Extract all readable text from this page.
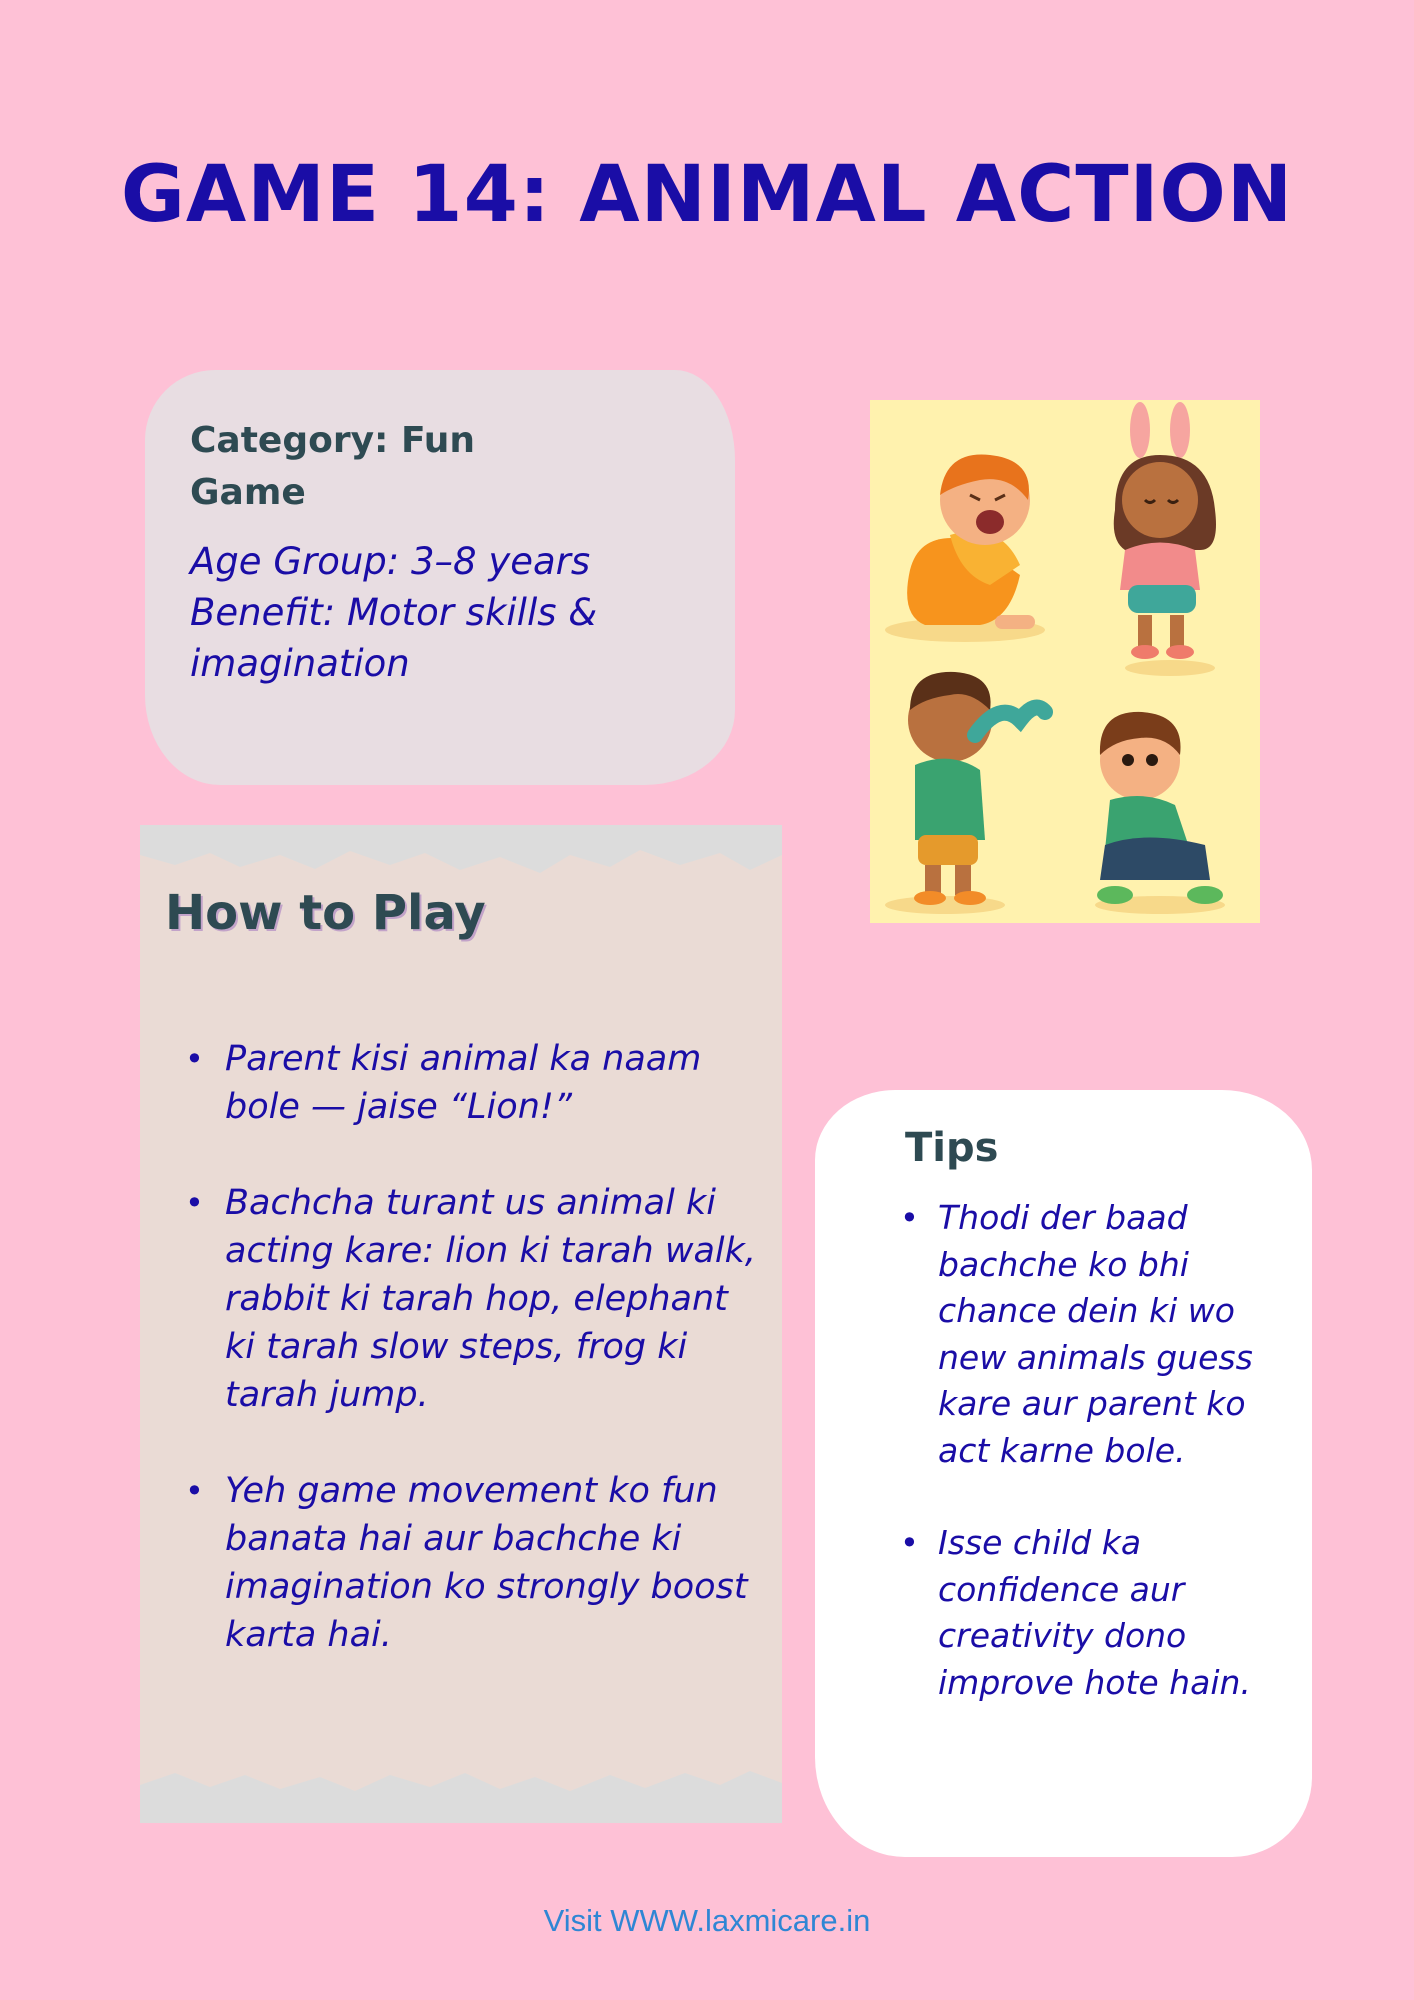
GAME 14: ANIMAL ACTION
Category: Fun Game
Age Group: 3–8 years
Benefit: Motor skills & imagination
How to Play
• Parent kisi animal ka naam bole — jaise “Lion!”
• Bachcha turant us animal ki acting kare: lion ki tarah walk, rabbit ki tarah hop, elephant ki tarah slow steps, frog ki tarah jump.
• Yeh game movement ko fun banata hai aur bachche ki imagination ko strongly boost karta hai.
Tips
• Thodi der baad bachche ko bhi chance dein ki wo new animals guess kare aur parent ko act karne bole.
• Isse child ka confidence aur creativity dono improve hote hain.
Visit WWW.laxmicare.in
